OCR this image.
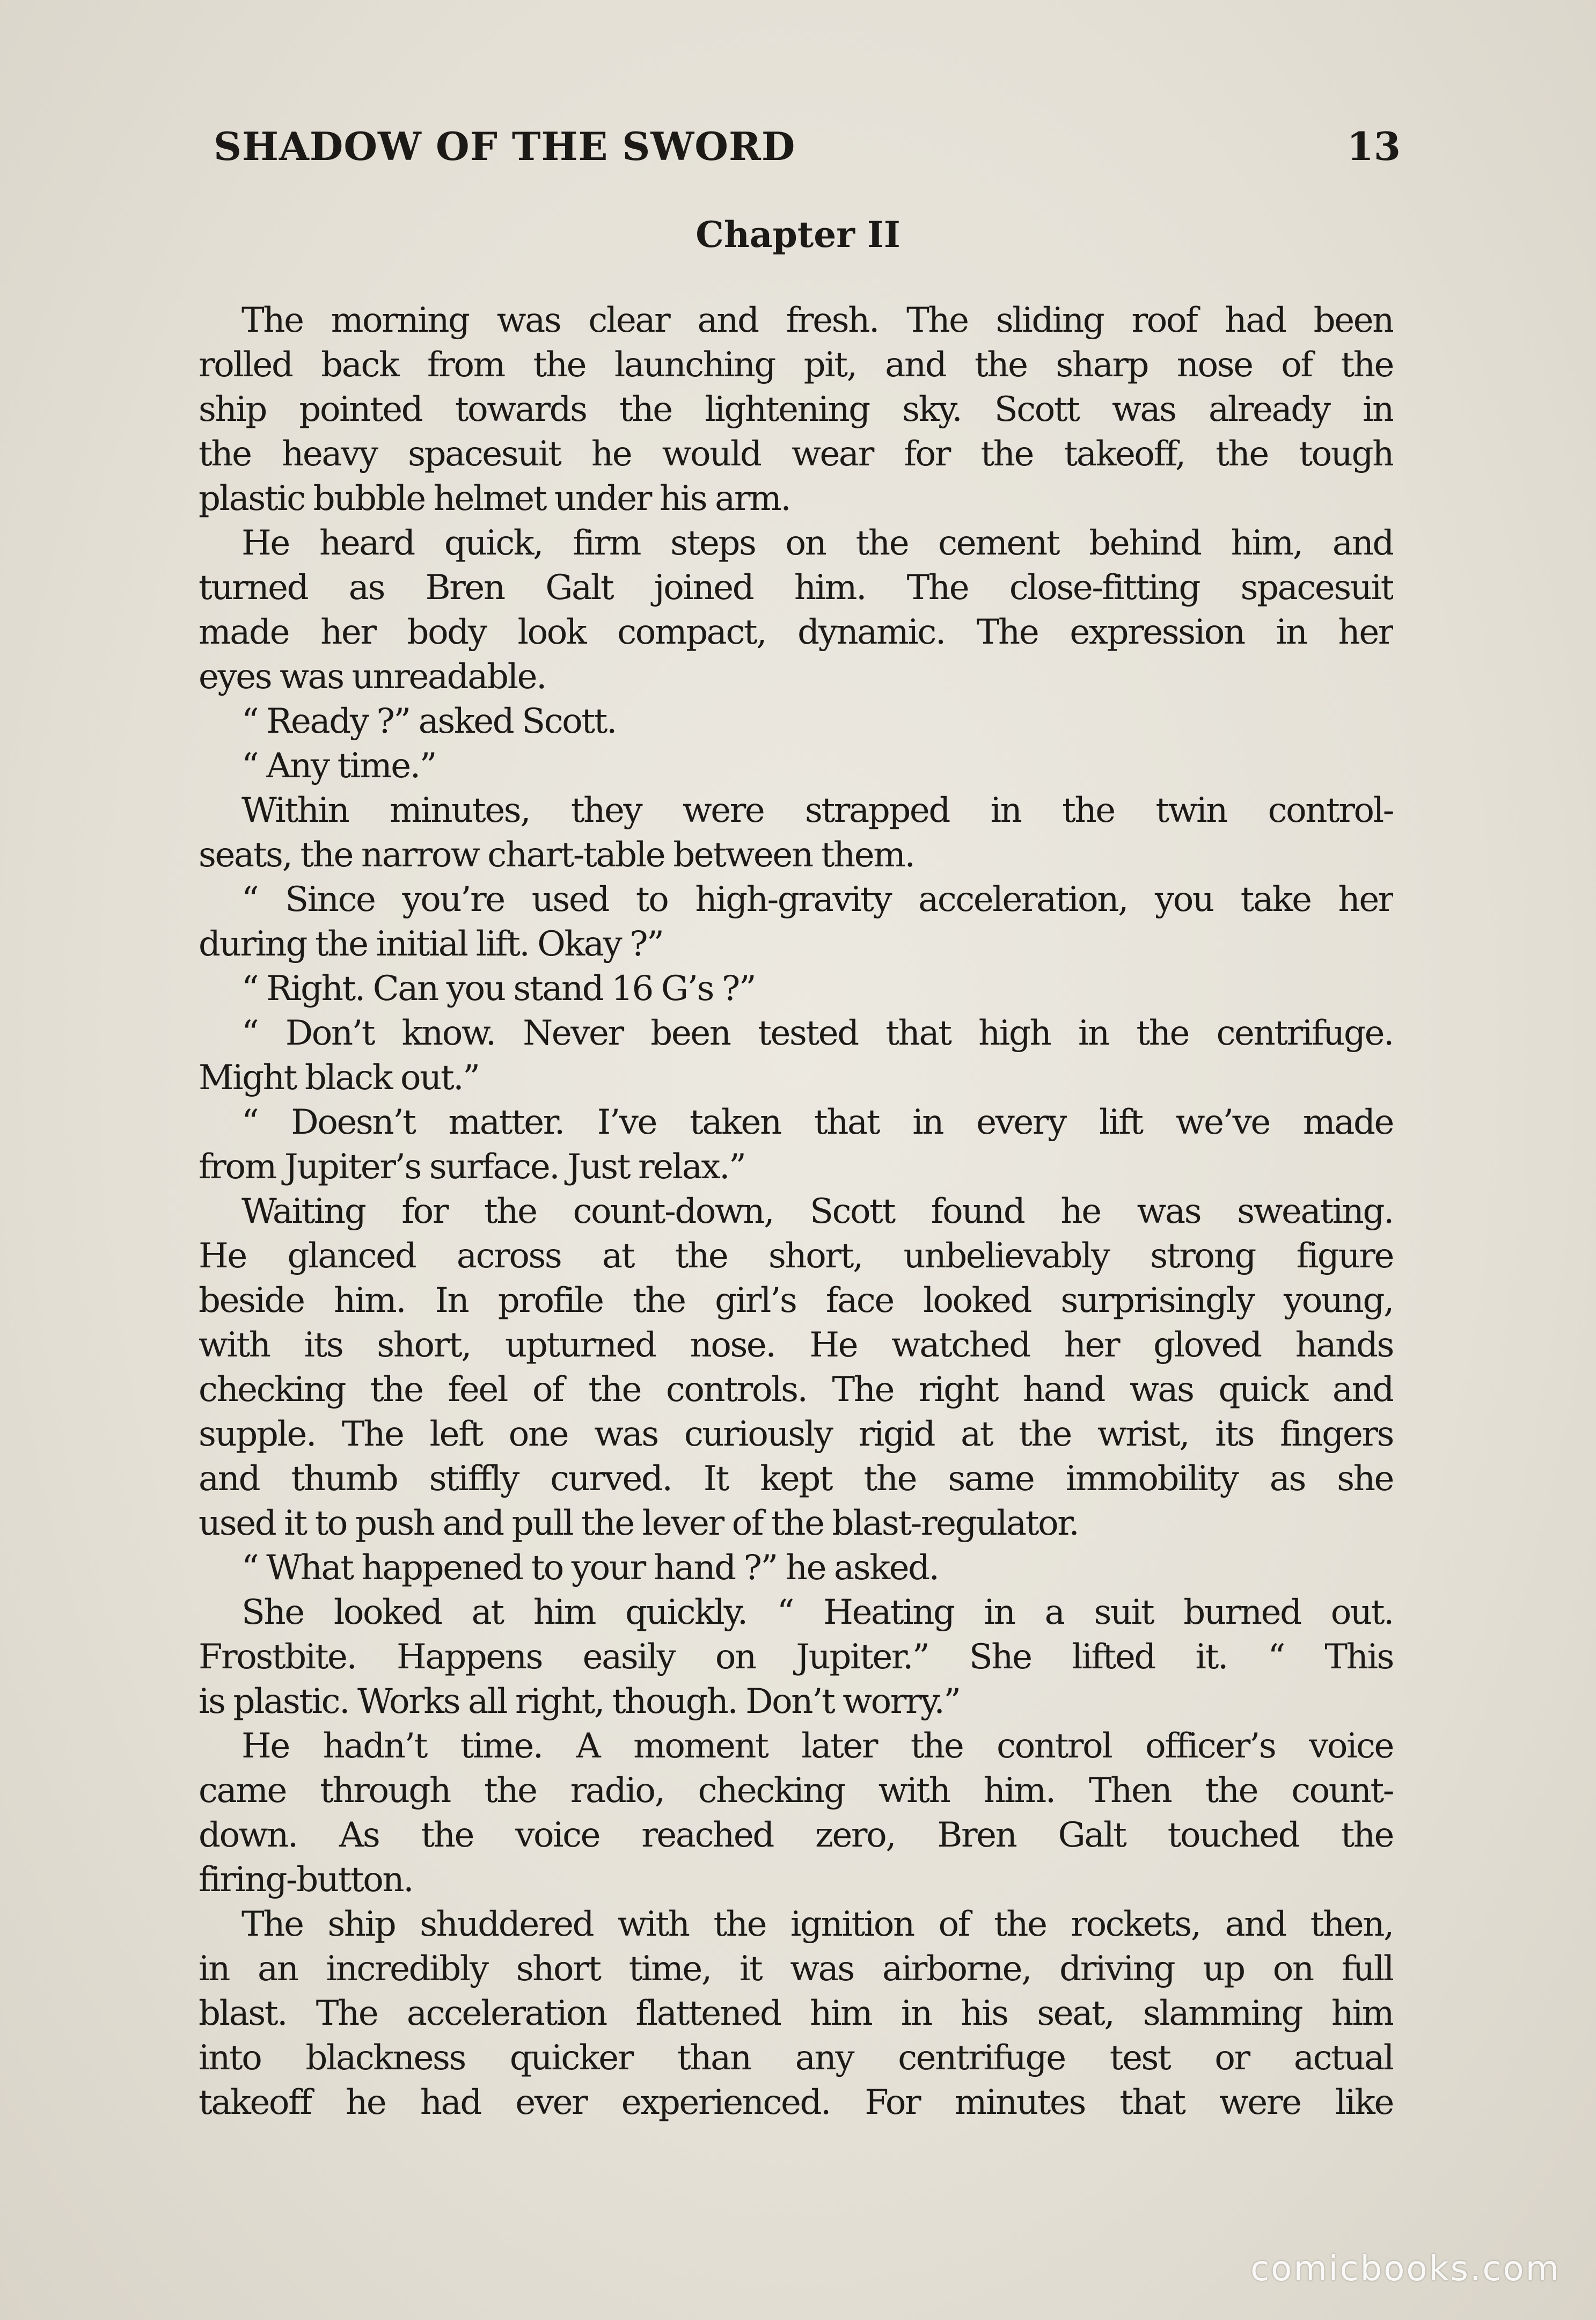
SHADOW OF THE SWORD	13
Chapter II
The morning was clear and fresh. The sliding roof had been
rolled back from the launching pit, and the sharp nose of the
ship pointed towards the lightening sky. Scott was already in
the heavy spacesuit he would wear for the takeoff, the tough
plastic bubble helmet under his arm.
He heard quick, firm steps on the cement behind him, and
turned as Bren Galt joined him. The close-fitting spacesuit
made her body look compact, dynamic. The expression in her
eyes was unreadable.
“ Ready ?” asked Scott.
“ Any time.”
Within minutes, they were strapped in the twin control-
seats, the narrow chart-table between them.
“ Since you’re used to high-gravity acceleration, you take her
during the initial lift. Okay ?”
“ Right. Can you stand 16 G’s ?”
“ Don’t know. Never been tested that high in the centrifuge.
Might black out.”
“ Doesn’t matter. I’ve taken that in every lift we’ve made
from Jupiter’s surface. Just relax.”
Waiting for the count-down, Scott found he was sweating.
He glanced across at the short, unbelievably strong figure
beside him. In profile the girl’s face looked surprisingly young,
with its short, upturned nose. He watched her gloved hands
checking the feel of the controls. The right hand was quick and
supple. The left one was curiously rigid at the wrist, its fingers
and thumb stiffly curved. It kept the same immobility as she
used it to push and pull the lever of the blast-regulator.
“ What happened to your hand ?” he asked.
She looked at him quickly. “ Heating in a suit burned out.
Frostbite. Happens easily on Jupiter.” She lifted it. “ This
is plastic. Works all right, though. Don’t worry.”
He hadn’t time. A moment later the control officer’s voice
came through the radio, checking with him. Then the count-
down. As the voice reached zero, Bren Galt touched the
firing-button.
The ship shuddered with the ignition of the rockets, and then,
in an incredibly short time, it was airborne, driving up on full
blast. The acceleration flattened him in his seat, slamming him
into blackness quicker than any centrifuge test or actual
takeoff he had ever experienced. For minutes that were like
comicbooks.com
